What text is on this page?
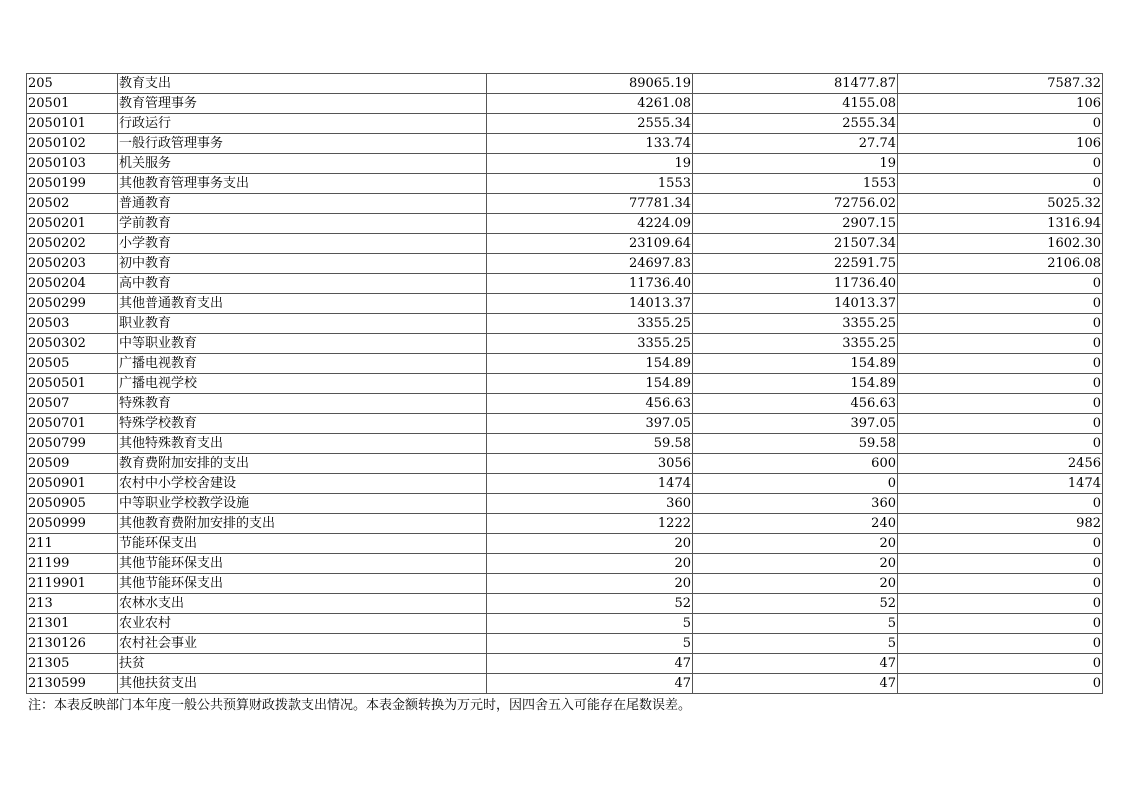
205	教育支出	89065.19	81477.87	7587.32
20501	教育管理事务	4261.08	4155.08	106
2050101	行政运行	2555.34	2555.34	0
2050102	一般行政管理事务	133.74	27.74	106
2050103	机关服务	19	19	0
2050199	其他教育管理事务支出	1553	1553	0
20502	普通教育	77781.34	72756.02	5025.32
2050201	学前教育	4224.09	2907.15	1316.94
2050202	小学教育	23109.64	21507.34	1602.30
2050203	初中教育	24697.83	22591.75	2106.08
2050204	高中教育	11736.40	11736.40	0
2050299	其他普通教育支出	14013.37	14013.37	0
20503	职业教育	3355.25	3355.25	0
2050302	中等职业教育	3355.25	3355.25	0
20505	广播电视教育	154.89	154.89	0
2050501	广播电视学校	154.89	154.89	0
20507	特殊教育	456.63	456.63	0
2050701	特殊学校教育	397.05	397.05	0
2050799	其他特殊教育支出	59.58	59.58	0
20509	教育费附加安排的支出	3056	600	2456
2050901	农村中小学校舍建设	1474	0	1474
2050905	中等职业学校教学设施	360	360	0
2050999	其他教育费附加安排的支出	1222	240	982
211	节能环保支出	20	20	0
21199	其他节能环保支出	20	20	0
2119901	其他节能环保支出	20	20	0
213	农林水支出	52	52	0
21301	农业农村	5	5	0
2130126	农村社会事业	5	5	0
21305	扶贫	47	47	0
2130599	其他扶贫支出	47	47	0
注：本表反映部门本年度一般公共预算财政拨款支出情况。本表金额转换为万元时，因四舍五入可能存在尾数误差。
